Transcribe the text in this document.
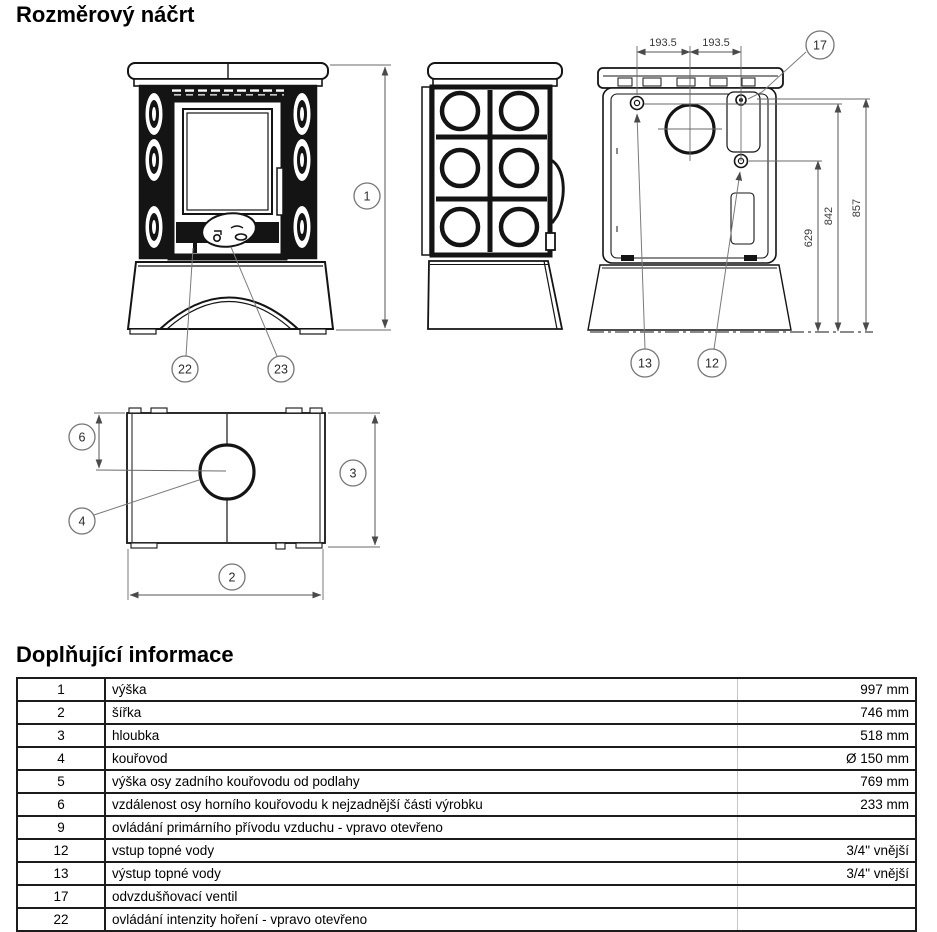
1
22	23
193.5 193.5
629
842 857
17
13	12
6
3
2
4
Rozměrový náčrt
Doplňující informace
1	výška	997 mm
2	šířka	746 mm
3	hloubka	518 mm
4	kouřovod	Ø 150 mm
5	výška osy zadního kouřovodu od podlahy	769 mm
6	vzdálenost osy horního kouřovodu k nejzadnější části výrobku	233 mm
9	ovládání primárního přívodu vzduchu - vpravo otevřeno	
12	vstup topné vody	3/4" vnější
13	výstup topné vody	3/4" vnější
17	odvzdušňovací ventil	
22	ovládání intenzity hoření - vpravo otevřeno	
